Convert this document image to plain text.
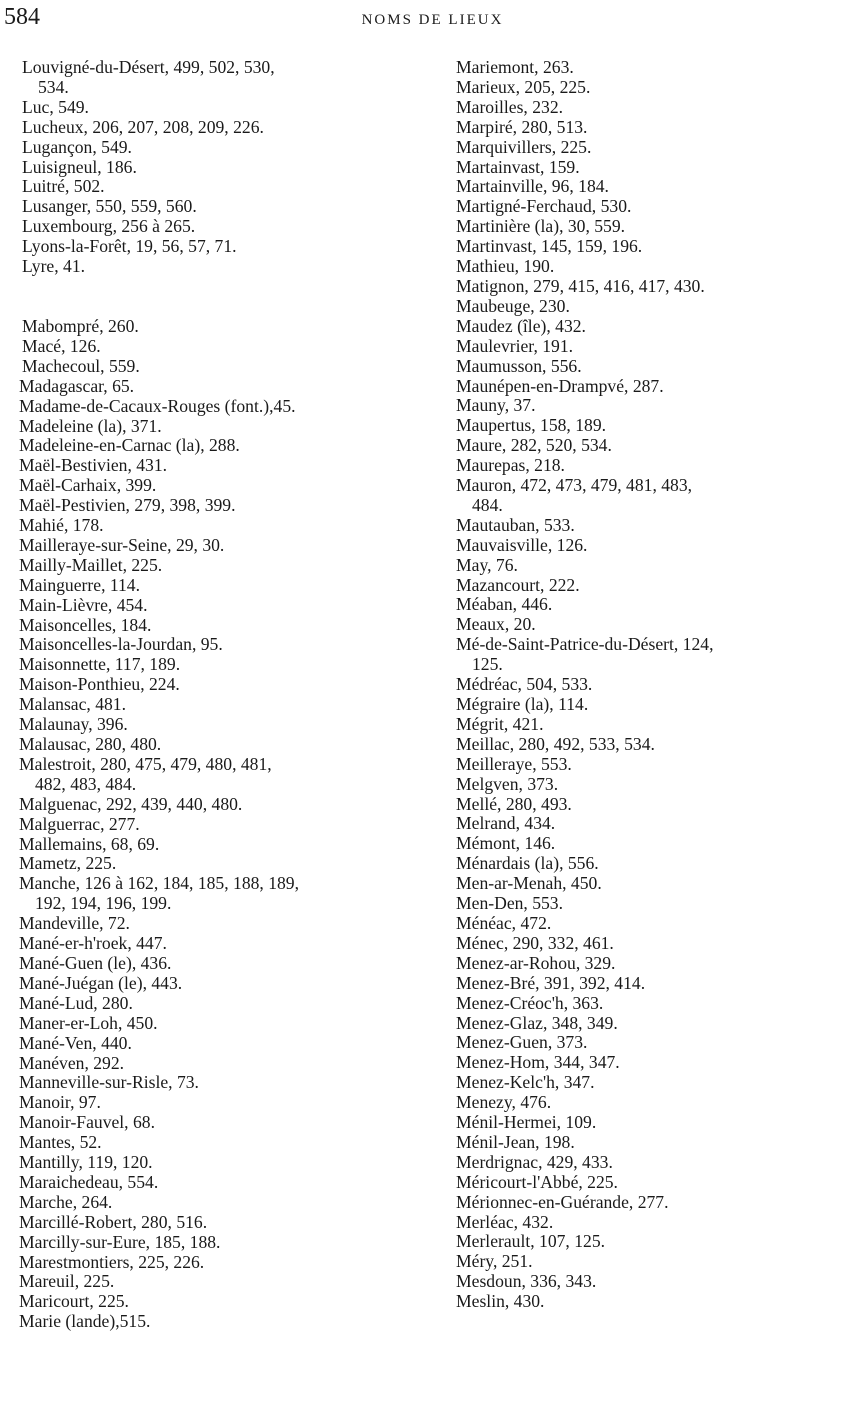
584	NOMS DE LIEUX
Louvigné-du-Désert, 499, 502, 530,
534.
Luc, 549.
Lucheux, 206, 207, 208, 209, 226.
Lugançon, 549.
Luisigneul, 186.
Luitré, 502.
Lusanger, 550, 559, 560.
Luxembourg, 256 à 265.
Lyons-la-Forêt, 19, 56, 57, 71.
Lyre, 41.
Mabompré, 260.
Macé, 126.
Machecoul, 559.
Madagascar, 65.
Madame-de-Cacaux-Rouges (font.),45.
Madeleine (la), 371.
Madeleine-en-Carnac (la), 288.
Maël-Bestivien, 431.
Maël-Carhaix, 399.
Maël-Pestivien, 279, 398, 399.
Mahié, 178.
Mailleraye-sur-Seine, 29, 30.
Mailly-Maillet, 225.
Mainguerre, 114.
Main-Lièvre, 454.
Maisoncelles, 184.
Maisoncelles-la-Jourdan, 95.
Maisonnette, 117, 189.
Maison-Ponthieu, 224.
Malansac, 481.
Malaunay, 396.
Malausac, 280, 480.
Malestroit, 280, 475, 479, 480, 481,
482, 483, 484.
Malguenac, 292, 439, 440, 480.
Malguerrac, 277.
Mallemains, 68, 69.
Mametz, 225.
Manche, 126 à 162, 184, 185, 188, 189,
192, 194, 196, 199.
Mandeville, 72.
Mané-er-h'roek, 447.
Mané-Guen (le), 436.
Mané-Juégan (le), 443.
Mané-Lud, 280.
Maner-er-Loh, 450.
Mané-Ven, 440.
Manéven, 292.
Manneville-sur-Risle, 73.
Manoir, 97.
Manoir-Fauvel, 68.
Mantes, 52.
Mantilly, 119, 120.
Maraichedeau, 554.
Marche, 264.
Marcillé-Robert, 280, 516.
Marcilly-sur-Eure, 185, 188.
Marestmontiers, 225, 226.
Mareuil, 225.
Maricourt, 225.
Marie (lande),515.
Mariemont, 263.
Marieux, 205, 225.
Maroilles, 232.
Marpiré, 280, 513.
Marquivillers, 225.
Martainvast, 159.
Martainville, 96, 184.
Martigné-Ferchaud, 530.
Martinière (la), 30, 559.
Martinvast, 145, 159, 196.
Mathieu, 190.
Matignon, 279, 415, 416, 417, 430.
Maubeuge, 230.
Maudez (île), 432.
Maulevrier, 191.
Maumusson, 556.
Maunépen-en-Drampvé, 287.
Mauny, 37.
Maupertus, 158, 189.
Maure, 282, 520, 534.
Maurepas, 218.
Mauron, 472, 473, 479, 481, 483,
484.
Mautauban, 533.
Mauvaisville, 126.
May, 76.
Mazancourt, 222.
Méaban, 446.
Meaux, 20.
Mé-de-Saint-Patrice-du-Désert, 124,
125.
Médréac, 504, 533.
Mégraire (la), 114.
Mégrit, 421.
Meillac, 280, 492, 533, 534.
Meilleraye, 553.
Melgven, 373.
Mellé, 280, 493.
Melrand, 434.
Mémont, 146.
Ménardais (la), 556.
Men-ar-Menah, 450.
Men-Den, 553.
Ménéac, 472.
Ménec, 290, 332, 461.
Menez-ar-Rohou, 329.
Menez-Bré, 391, 392, 414.
Menez-Créoc'h, 363.
Menez-Glaz, 348, 349.
Menez-Guen, 373.
Menez-Hom, 344, 347.
Menez-Kelc'h, 347.
Menezy, 476.
Ménil-Hermei, 109.
Ménil-Jean, 198.
Merdrignac, 429, 433.
Méricourt-l'Abbé, 225.
Mérionnec-en-Guérande, 277.
Merléac, 432.
Merlerault, 107, 125.
Méry, 251.
Mesdoun, 336, 343.
Meslin, 430.
